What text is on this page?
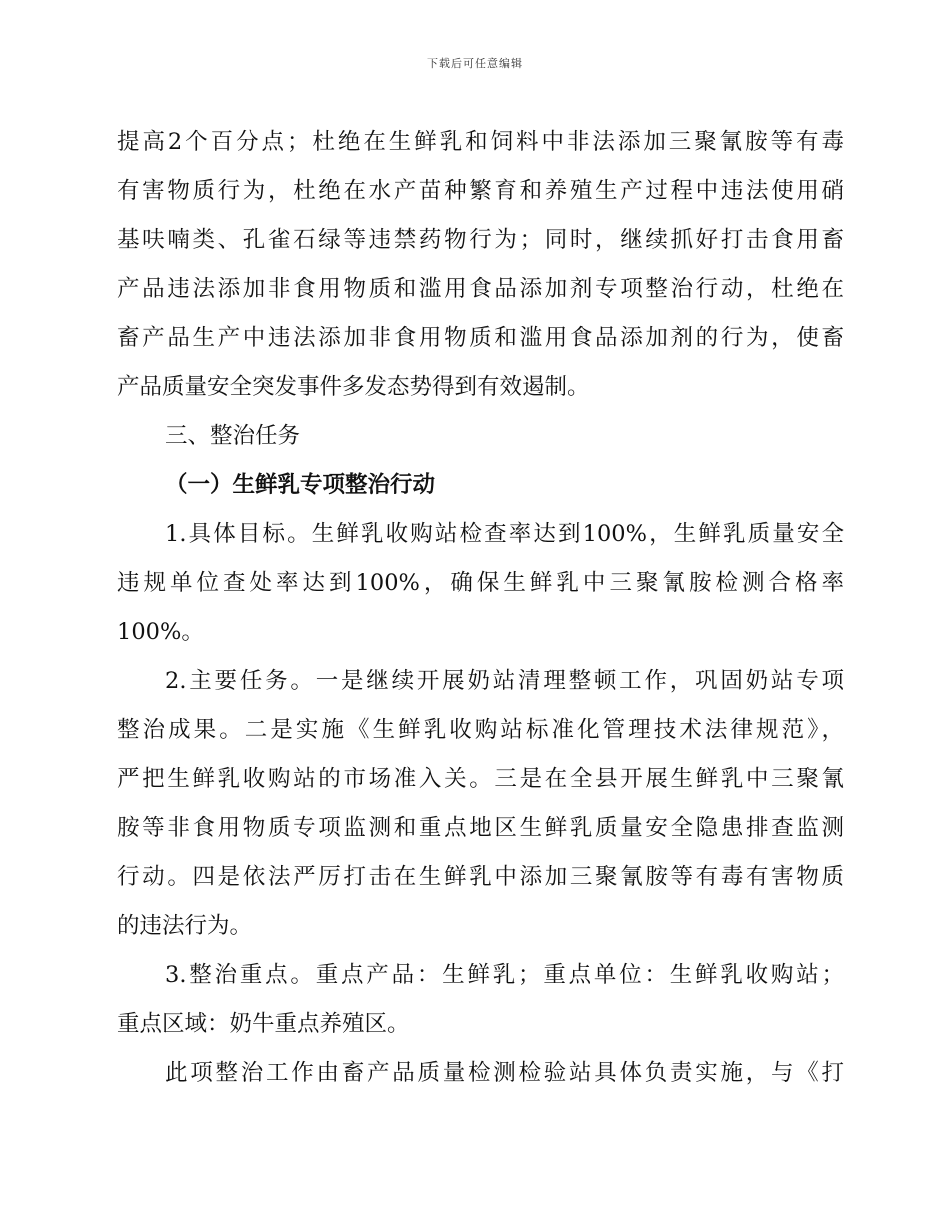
下载后可任意编辑
提高2个百分点；杜绝在生鲜乳和饲料中非法添加三聚氰胺等有毒
有害物质行为，杜绝在水产苗种繁育和养殖生产过程中违法使用硝
基呋喃类、孔雀石绿等违禁药物行为；同时，继续抓好打击食用畜
产品违法添加非食用物质和滥用食品添加剂专项整治行动，杜绝在
畜产品生产中违法添加非食用物质和滥用食品添加剂的行为，使畜
产品质量安全突发事件多发态势得到有效遏制。
三、整治任务
（一）生鲜乳专项整治行动
1.具体目标。生鲜乳收购站检查率达到100%，生鲜乳质量安全
违规单位查处率达到100%，确保生鲜乳中三聚氰胺检测合格率
100%。
2.主要任务。一是继续开展奶站清理整顿工作，巩固奶站专项
整治成果。二是实施《生鲜乳收购站标准化管理技术法律规范》，
严把生鲜乳收购站的市场准入关。三是在全县开展生鲜乳中三聚氰
胺等非食用物质专项监测和重点地区生鲜乳质量安全隐患排查监测
行动。四是依法严厉打击在生鲜乳中添加三聚氰胺等有毒有害物质
的违法行为。
3.整治重点。重点产品：生鲜乳；重点单位：生鲜乳收购站；
重点区域：奶牛重点养殖区。
此项整治工作由畜产品质量检测检验站具体负责实施，与《打
